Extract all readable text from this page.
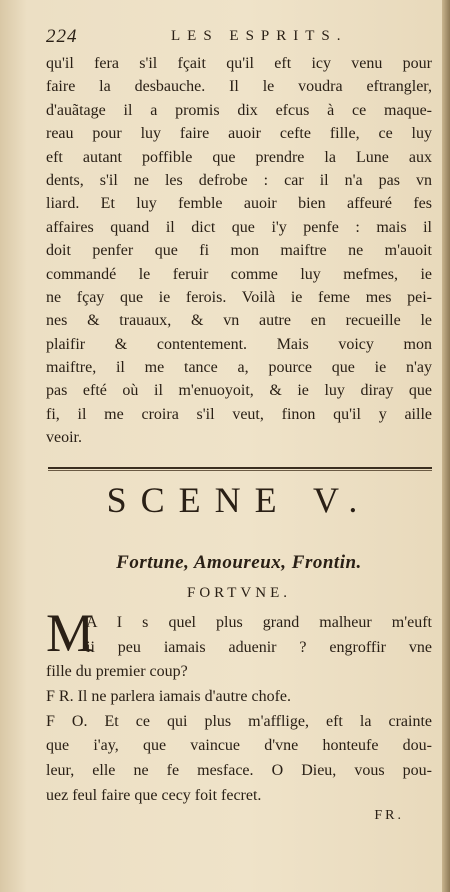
224	LES ESPRITS.
qu'il fera s'il fçait qu'il eft icy venu pour
faire la desbauche. Il le voudra eftrangler,
d'auãtage il a promis dix efcus à ce maque-
reau pour luy faire auoir cefte fille, ce luy
eft autant poffible que prendre la Lune aux
dents, s'il ne les defrobe : car il n'a pas vn
liard. Et luy femble auoir bien affeuré fes
affaires quand il dict que i'y penfe : mais il
doit penfer que fi mon maiftre ne m'auoit
commandé le feruir comme luy mefmes, ie
ne fçay que ie ferois. Voilà ie feme mes pei-
nes & trauaux, & vn autre en recueille le
plaifir & contentement. Mais voicy mon
maiftre, il me tance a, pource que ie n'ay
pas efté où il m'enuoyoit, & ie luy diray que
fi, il me croira s'il veut, finon qu'il y aille
veoir.
SCENE V.
Fortune, Amoureux, Frontin.
FORTVNE.
M
A I s quel plus grand malheur m'euft
ii peu iamais aduenir ? engroffir vne
fille du premier coup?
F R. Il ne parlera iamais d'autre chofe.
F O. Et ce qui plus m'afflige, eft la crainte
que i'ay, que vaincue d'vne honteufe dou-
leur, elle ne fe mesface. O Dieu, vous pou-
uez feul faire que cecy foit fecret.
FR.
